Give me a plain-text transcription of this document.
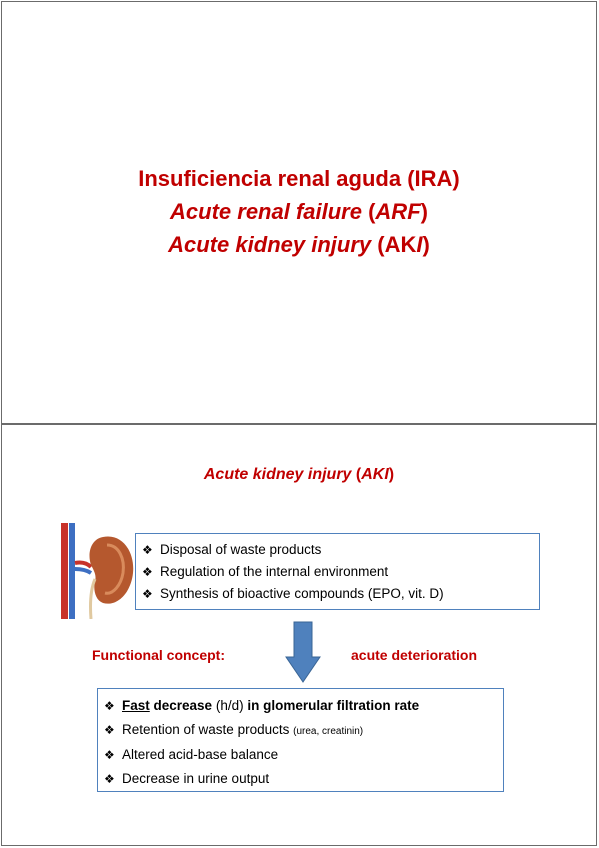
Insuficiencia renal aguda (IRA)
Acute renal failure (ARF)
Acute kidney injury (AKI)
Acute kidney injury (AKI)
❖ Disposal of waste products
❖ Regulation of the internal environment
❖ Synthesis of bioactive compounds (EPO, vit. D)
Functional concept:	acute deterioration
❖ Fast decrease (h/d) in glomerular filtration rate
❖ Retention of waste products (urea, creatinin)
❖ Altered acid-base balance
❖ Decrease in urine output
